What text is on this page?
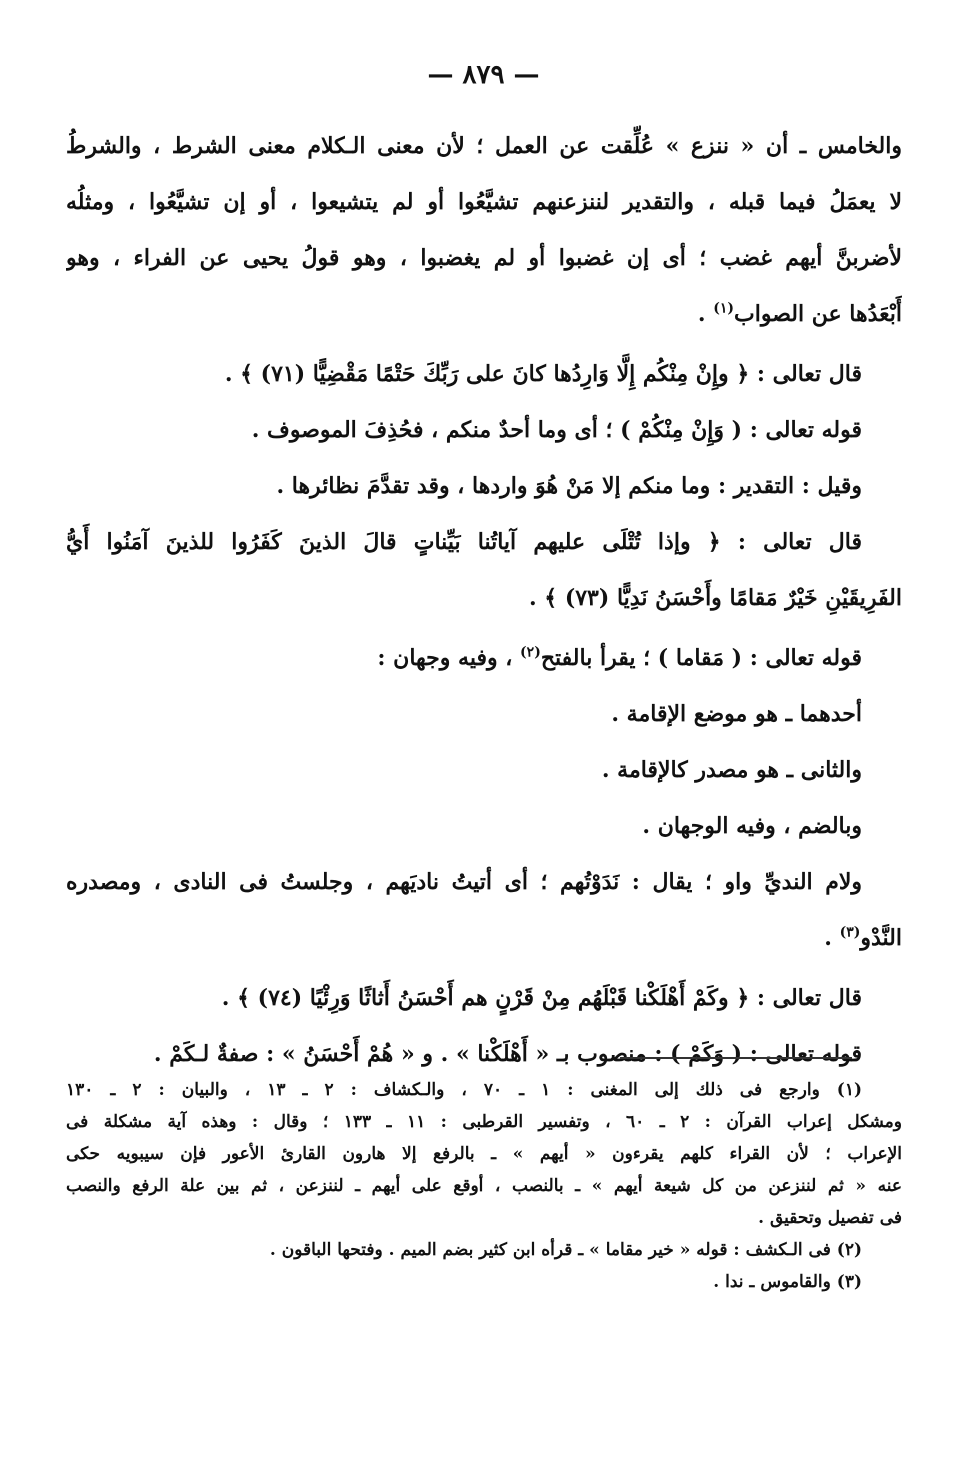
— ٨٧٩ —
والخامس ـ أن « ننزع » عُلِّقت عن العمل ؛ لأن معنى الـكلام معنى الشرط ، والشرطُ
لا يعمَلُ فيما قبله ، والتقدير لننزعنهم تشيَّعُوا أو لم يتشيعوا ، أو إن تشيَّعُوا ، ومثلُه
لأضربنَّ أيهم غضب ؛ أى إن غضبوا أو لم يغضبوا ، وهو قولُ يحيى عن الفراء ، وهو
أَبْعَدُها عن الصواب$^{(١)}$ .
قال تعالى : ﴿ وإِنْ مِنْكُم إِلَّا وَارِدُها كانَ على رَبِّكَ حَتْمًا مَقْضِيًّا (٧١) ﴾ .
قوله تعالى : ( وَإِنْ مِنْكُمْ ) ؛ أى وما أحدٌ منكم ، فحُذِفَ الموصوف .
وقيل : التقدير : وما منكم إلا مَنْ هُوَ واردها ، وقد تقدَّمَ نظائرها .
قال تعالى : ﴿ وإذا تُتْلَى عليهم آياتُنا بَيِّناتٍ قالَ الذينَ كَفَرُوا للذينَ آمَنُوا أَيُّ
الفَرِيقَيْنِ خَيْرٌ مَقامًا وأَحْسَنُ نَدِيًّا (٧٣) ﴾ .
قوله تعالى : ( مَقاما ) ؛ يقرأ بالفتح$^{(٢)}$ ، وفيه وجهان :
أحدهما ـ هو موضع الإقامة .
والثانى ـ هو مصدر كالإقامة .
وبالضم ، وفيه الوجهان .
ولام النديِّ واو ؛ يقال : نَدَوْتُهم ؛ أى أتيتُ ناديَهم ، وجلستُ فى النادى ، ومصدره
النَّدْو$^{(٣)}$ .
قال تعالى : ﴿ وكَمْ أَهْلَكْنا قَبْلَهُم مِنْ قَرْنٍ هم أَحْسَنُ أَثاثًا وَرِئْيًا (٧٤) ﴾ .
قوله تعالى : ( وَكَمْ ) : منصوب بـ « أَهْلَكْنا » . و « هُمْ أَحْسَنُ » : صفةٌ لـكَمْ .
(١) وارجع فى ذلك إلى المغنى : ١ ـ ٧٠ ، والـكشاف : ٢ ـ ١٣ ، والبيان : ٢ ـ ١٣٠
ومشكل إعراب القرآن : ٢ ـ ٦٠ ، وتفسير القرطبى : ١١ ـ ١٣٣ ؛ وقال : وهذه آية مشكلة فى
الإعراب ؛ لأن القراء كلهم يقرءون « أيهم » ـ بالرفع إلا هارون القارئ الأعور فإن سيبويه حكى
عنه « ثم لننزعن من كل شيعة أيهم » ـ بالنصب ، أوقع على أيهم ـ لننزعن ، ثم بين علة الرفع والنصب
فى تفصيل وتحقيق .
(٢) فى الـكشف : قوله « خير مقاما » ـ قرأه ابن كثير بضم الميم . وفتحها الباقون .
(٣) والقاموس ـ ندا .
